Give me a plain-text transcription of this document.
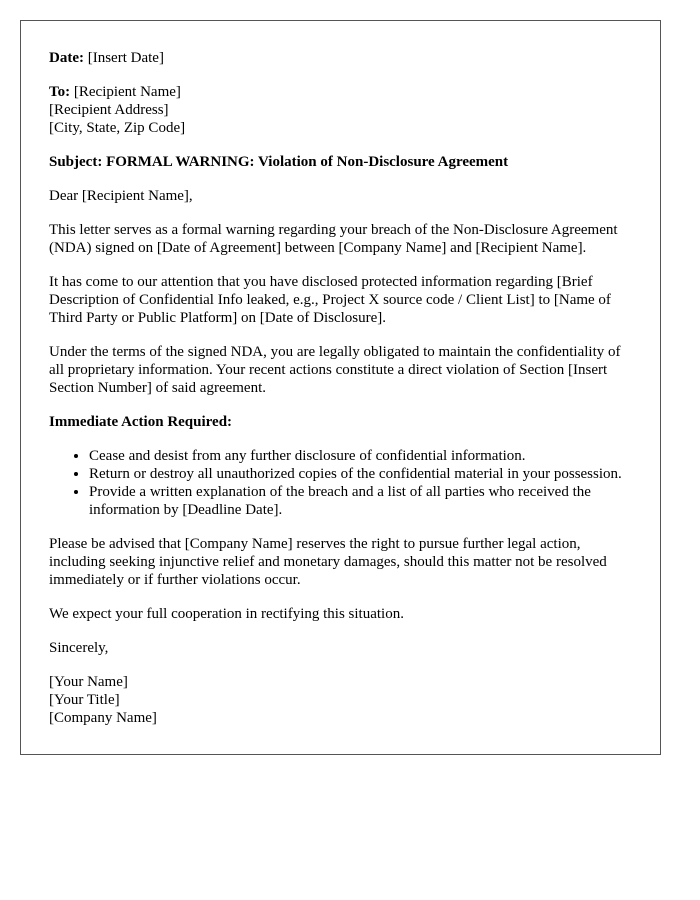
Date: [Insert Date]

To: [Recipient Name]
[Recipient Address]
[City, State, Zip Code]

Subject: FORMAL WARNING: Violation of Non-Disclosure Agreement

Dear [Recipient Name],

This letter serves as a formal warning regarding your breach of the Non-Disclosure Agreement (NDA) signed on [Date of Agreement] between [Company Name] and [Recipient Name].

It has come to our attention that you have disclosed protected information regarding [Brief Description of Confidential Info leaked, e.g., Project X source code / Client List] to [Name of Third Party or Public Platform] on [Date of Disclosure].

Under the terms of the signed NDA, you are legally obligated to maintain the confidentiality of all proprietary information. Your recent actions constitute a direct violation of Section [Insert Section Number] of said agreement.

Immediate Action Required:

• Cease and desist from any further disclosure of confidential information.
• Return or destroy all unauthorized copies of the confidential material in your possession.
• Provide a written explanation of the breach and a list of all parties who received the information by [Deadline Date].

Please be advised that [Company Name] reserves the right to pursue further legal action, including seeking injunctive relief and monetary damages, should this matter not be resolved immediately or if further violations occur.

We expect your full cooperation in rectifying this situation.

Sincerely,

[Your Name]
[Your Title]
[Company Name]
